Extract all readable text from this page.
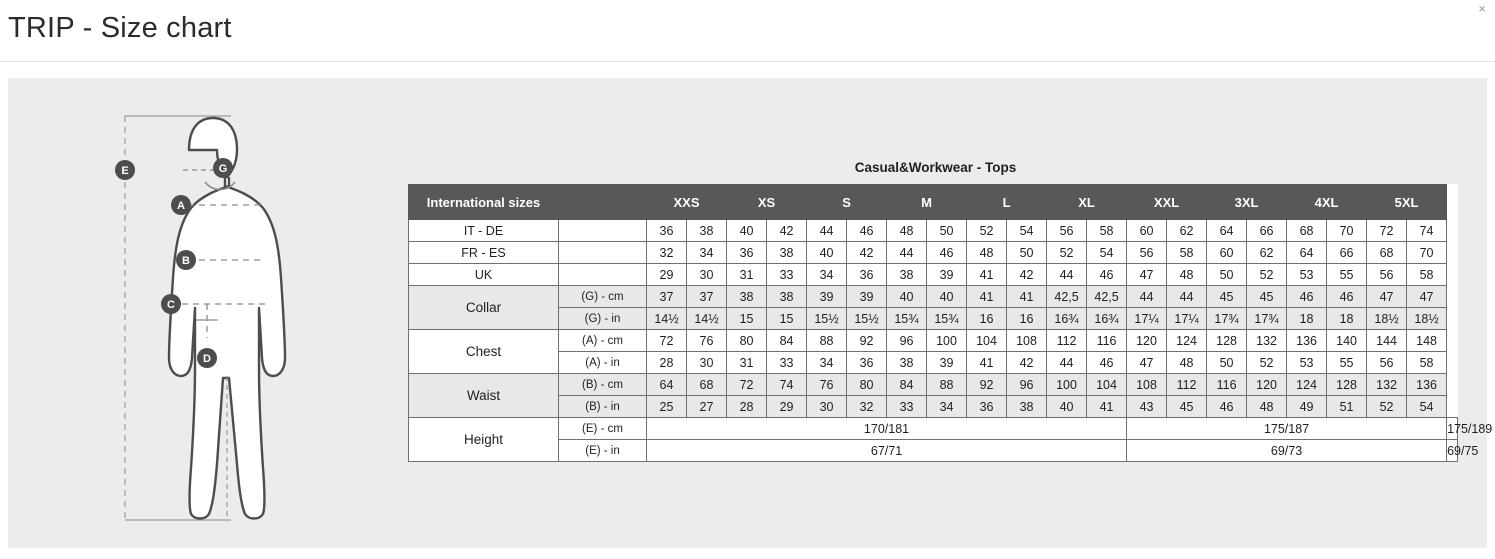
×
TRIP - Size chart
E	G
A
B
C
D
Casual&Workwear - Tops
International sizes		XXS		XS		S		M		L		XL		XXL		3XL		4XL		5XL		
IT - DE		36	38	40	42	44	46	48	50	52	54	56	58	60	62	64	66	68	70	72	74	
FR - ES		32	34	36	38	40	42	44	46	48	50	52	54	56	58	60	62	64	66	68	70	
UK		29	30	31	33	34	36	38	39	41	42	44	46	47	48	50	52	53	55	56	58	
Collar	(G) - cm	37	37	38	38	39	39	40	40	41	41	42,5	42,5	44	44	45	45	46	46	47	47	
	(G) - in	14½	14½	15	15	15½	15½	15¾	15¾	16	16	16¾	16¾	17¼	17¼	17¾	17¾	18	18	18½	18½	
Chest	(A) - cm	72	76	80	84	88	92	96	100	104	108	112	116	120	124	128	132	136	140	144	148	
	(A) - in	28	30	31	33	34	36	38	39	41	42	44	46	47	48	50	52	53	55	56	58	
Waist	(B) - cm	64	68	72	74	76	80	84	88	92	96	100	104	108	112	116	120	124	128	132	136	
	(B) - in	25	27	28	29	30	32	33	34	36	38	40	41	43	45	46	48	49	51	52	54	
Height	(E) - cm	170/181												175/187								175/189
	(E) - in	67/71												69/73								69/75
